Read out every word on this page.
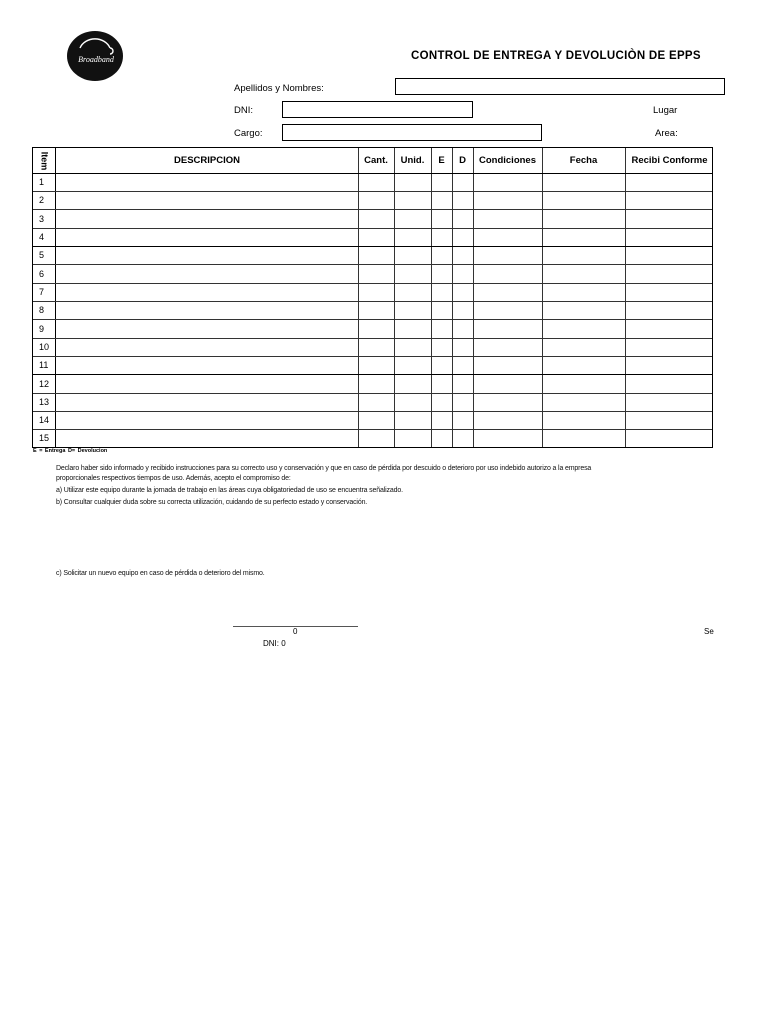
Broadband	CONTROL DE ENTREGA Y DEVOLUCIÒN DE EPPS
Apellidos y Nombres:
DNI:	Lugar
Cargo:	Area:
Item	DESCRIPCION	Cant.	Unid.	E	D	Condiciones	Fecha	Recibi Conforme
1
2
3
4
5
6
7
8
9
10
11
12
13
14
15
E = Entrega D= Devolucion
Declaro haber sido informado y recibido instrucciones para su correcto uso y conservación y que en caso de pérdida por descuido o deterioro por uso indebido autorizo a la empresa
proporcionales respectivos tiempos de uso. Además, acepto el compromiso de:
a) Utilizar este equipo durante la jornada de trabajo en las áreas cuya obligatoriedad de uso se encuentra señalizado.
b) Consultar cualquier duda sobre su correcta utilización, cuidando de su perfecto estado y conservación.
c) Solicitar un nuevo equipo en caso de pérdida o deterioro del mismo.
0
DNI: 0
Se
